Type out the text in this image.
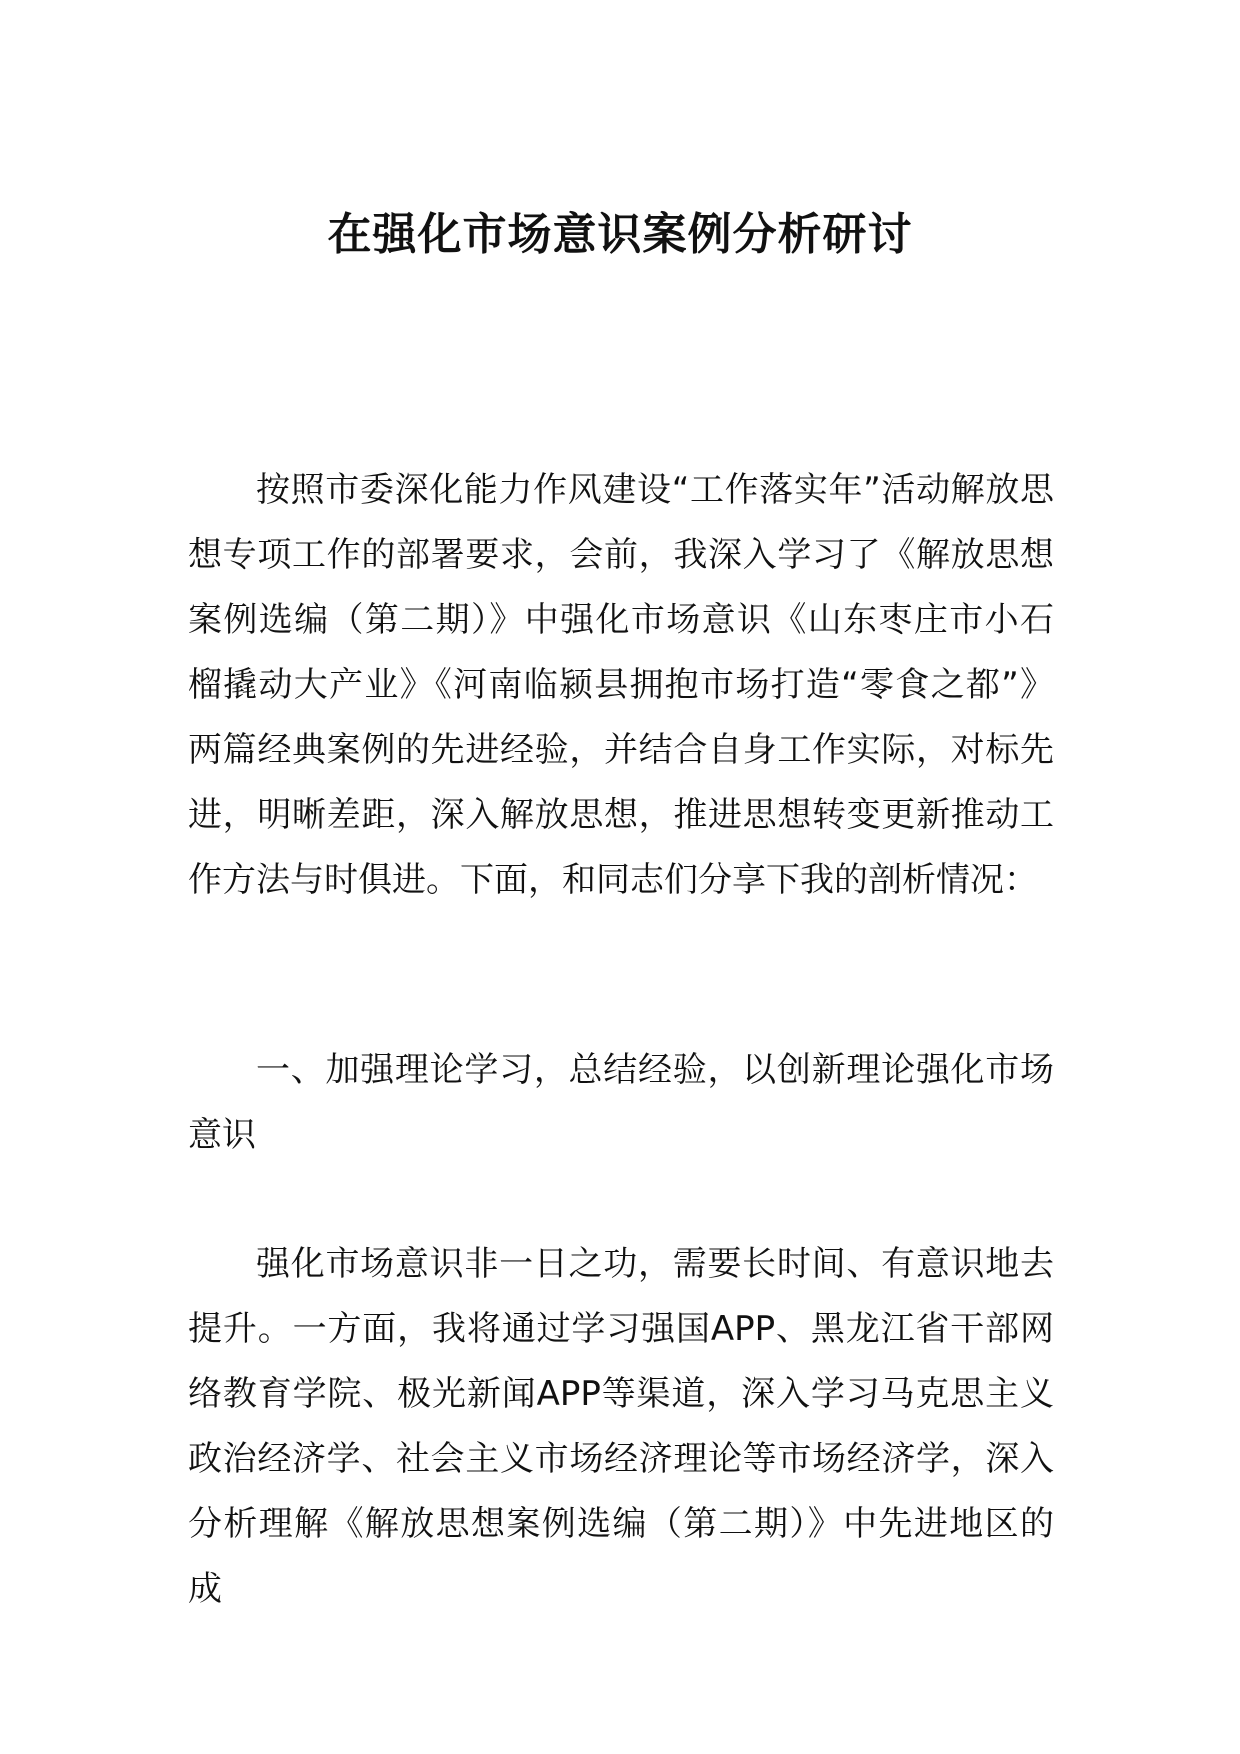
在强化市场意识案例分析研讨

按照市委深化能力作风建设“工作落实年”活动解放思想专项工作的部署要求，会前，我深入学习了《解放思想案例选编（第二期）》中强化市场意识《山东枣庄市小石榴撬动大产业》《河南临颍县拥抱市场打造“零食之都”》两篇经典案例的先进经验，并结合自身工作实际，对标先进，明晰差距，深入解放思想，推进思想转变更新推动工作方法与时俱进。下面，和同志们分享下我的剖析情况：

一、加强理论学习，总结经验，以创新理论强化市场意识

强化市场意识非一日之功，需要长时间、有意识地去提升。一方面，我将通过学习强国APP、黑龙江省干部网络教育学院、极光新闻APP等渠道，深入学习马克思主义政治经济学、社会主义市场经济理论等市场经济学，深入分析理解《解放思想案例选编（第二期）》中先进地区的成
